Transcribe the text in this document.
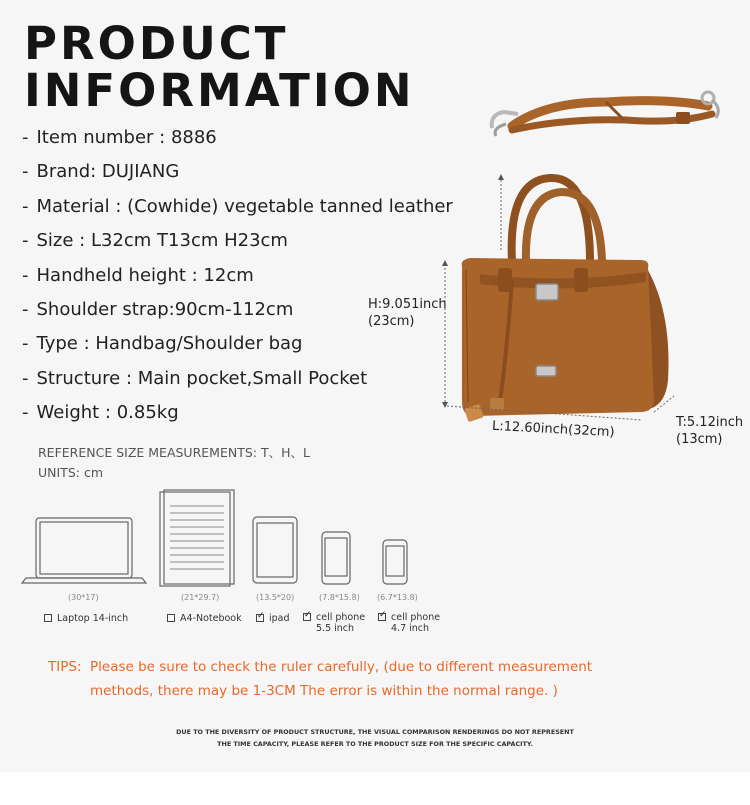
PRODUCT
INFORMATION
- Item number : 8886
- Brand: DUJIANG
- Material : (Cowhide) vegetable tanned leather
- Size : L32cm T13cm H23cm
- Handheld height : 12cm
- Shoulder strap:90cm-112cm
- Type : Handbag/Shoulder bag
- Structure : Main pocket,Small Pocket
- Weight : 0.85kg
H:9.051inch
(23cm)
L:12.60inch(32cm)	T:5.12inch
(13cm)
REFERENCE SIZE MEASUREMENTS: T、H、L
UNITS: cm
(30*17)	(21*29.7)	(13.5*20)	(7.8*15.8) (6.7*13.8)
Laptop 14-inch	A4-Notebook ✓	ipad ✓	cell phone
5.5 inch
✓cell phone
4.7 inch
TIPS: Please be sure to check the ruler carefully, (due to different measurement methods, there may be 1-3CM The error is within the normal range. )
DUE TO THE DIVERSITY OF PRODUCT STRUCTURE, THE VISUAL COMPARISON RENDERINGS DO NOT REPRESENT
THE TIME CAPACITY, PLEASE REFER TO THE PRODUCT SIZE FOR THE SPECIFIC CAPACITY.
